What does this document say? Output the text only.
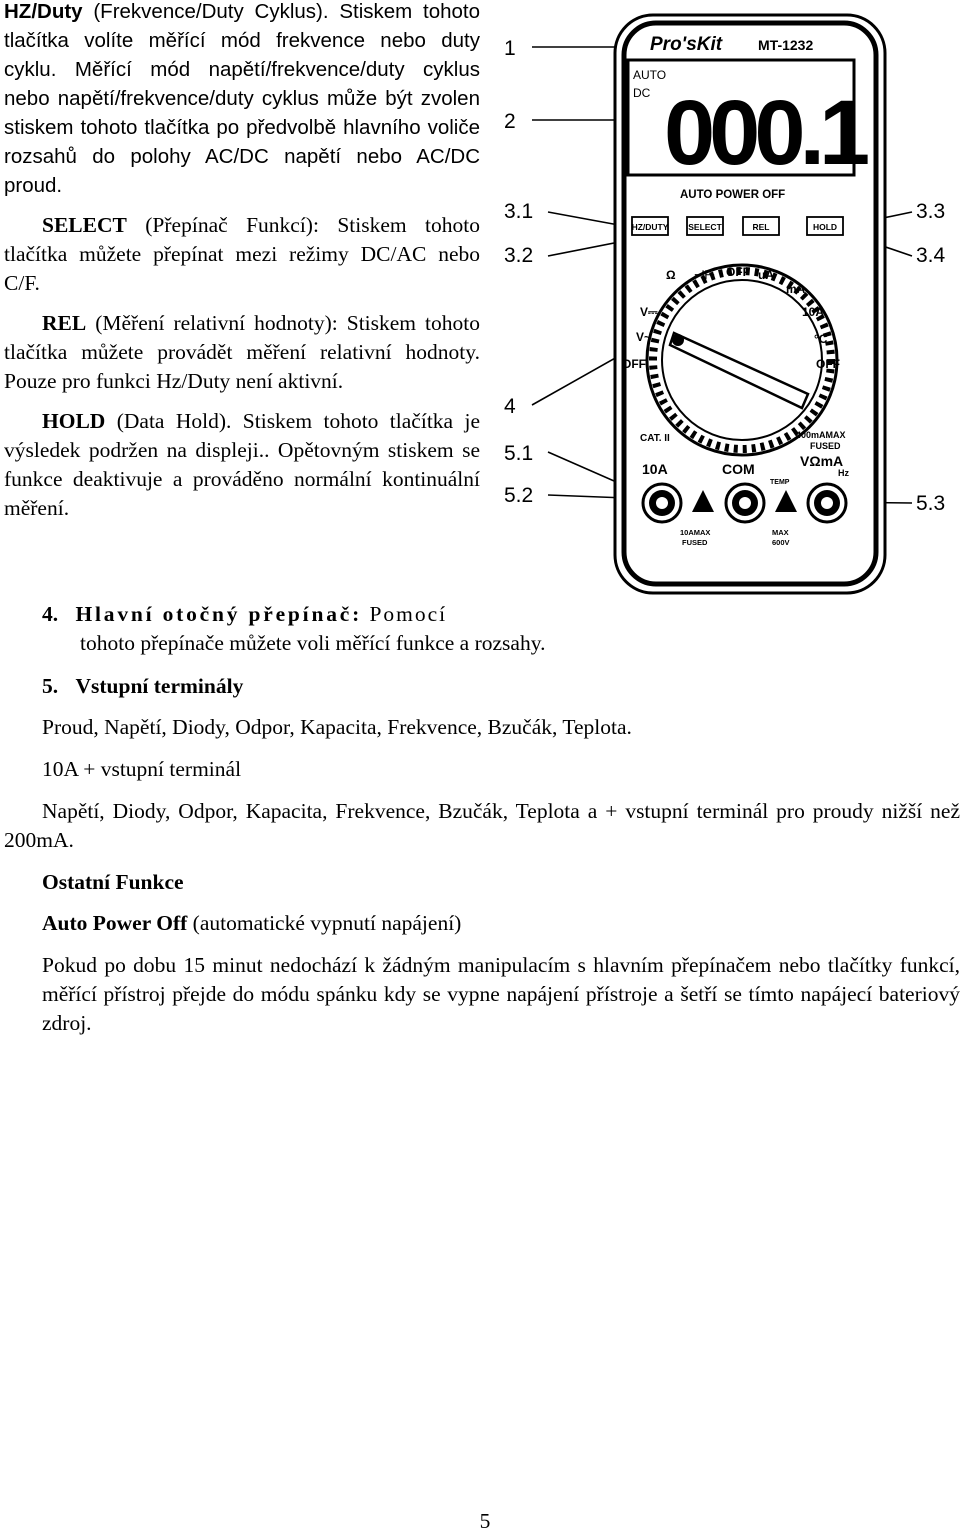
HZ/Duty (Frekvence/Duty Cyklus). Stiskem tohoto tlačítka volíte měřící mód frekvence nebo duty cyklu. Měřící mód napětí/frekvence/duty cyklus nebo napětí/frekvence/duty cyklus může být zvolen stiskem tohoto tlačítka po předvolbě hlavního voliče rozsahů do polohy AC/DC napětí nebo AC/DC proud.

SELECT (Přepínač Funkcí): Stiskem tohoto tlačítka můžete přepínat mezi režimy DC/AC nebo C/F.

REL (Měření relativní hodnoty): Stiskem tohoto tlačítka můžete provádět měření relativní hodnoty. Pouze pro funkci Hz/Duty není aktivní.

HOLD (Data Hold). Stiskem tohoto tlačítka je výsledek podržen na displeji.. Opětovným stiskem se funkce deaktivuje a prováděno normální kontinuální měření.

1
2
3.1
3.2
3.3
3.4
4
5.1
5.2	5.3
Pro'sKit	MT-1232
AUTO
DC 000.1
AUTO POWER OFF
HZ/DUTY SELECT	REL	HOLD
Ω ⊣⊢ OFF uA
mA
10A
°C
OFF
V⎓
V~
OFF
CAT. II	400mAMAX
FUSED
VΩmA
Hz
TEMP
10A	COM
10AMAX
FUSED
MAX
600V
4. Hlavní otočný přepínač: Pomocí
tohoto přepínače můžete voli měřící funkce a rozsahy.
5. Vstupní terminály
Proud, Napětí, Diody, Odpor, Kapacita, Frekvence, Bzučák, Teplota.
10A + vstupní terminál
Napětí, Diody, Odpor, Kapacita, Frekvence, Bzučák, Teplota a + vstupní terminál pro proudy nižší než 200mA.
Ostatní Funkce
Auto Power Off (automatické vypnutí napájení)
Pokud po dobu 15 minut nedochází k žádným manipulacím s hlavním přepínačem nebo tlačítky funkcí, měřící přístroj přejde do módu spánku kdy se vypne napájení přístroje a šetří se tímto napájecí bateriový zdroj.
5
